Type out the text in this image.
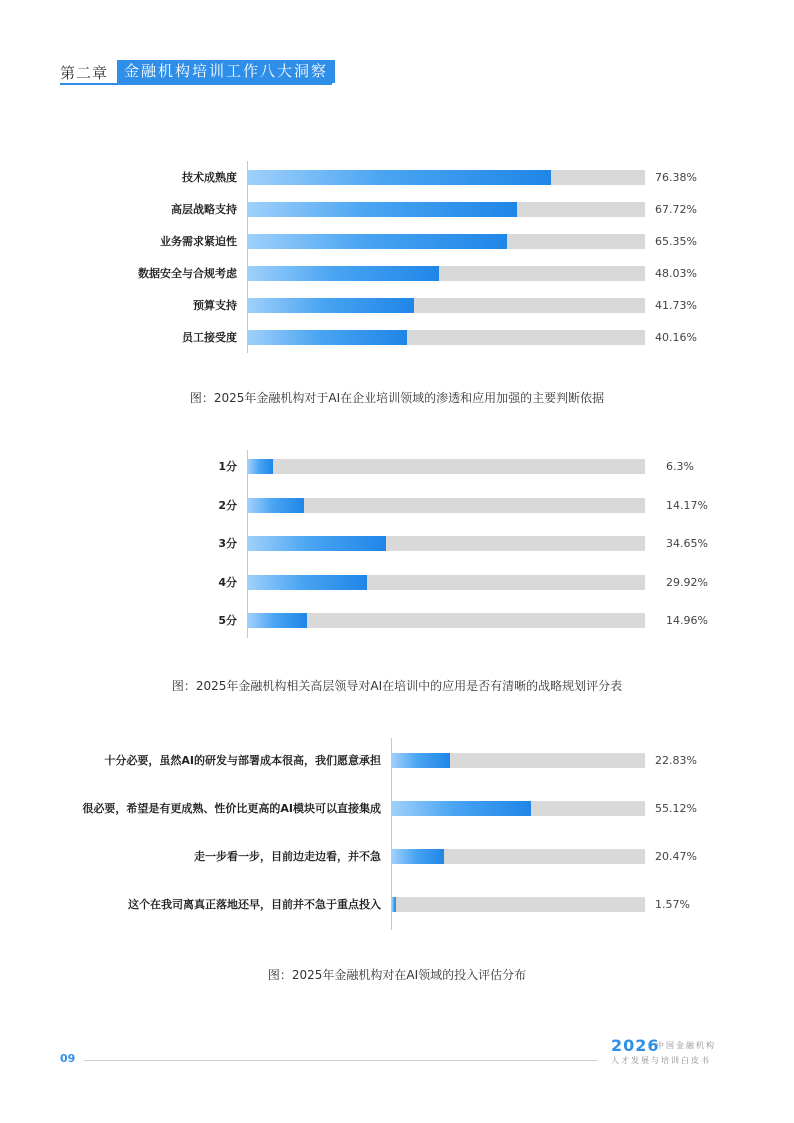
第二章	金融机构培训工作八大洞察
技术成熟度	76.38%
高层战略支持	67.72%
业务需求紧迫性	65.35%
数据安全与合规考虑	48.03%
预算支持	41.73%
员工接受度	40.16%
图：2025年金融机构对于AI在企业培训领域的渗透和应用加强的主要判断依据
1分	6.3%
2分	14.17%
3分	34.65%
4分	29.92%
5分	14.96%
图：2025年金融机构相关高层领导对AI在培训中的应用是否有清晰的战略规划评分表
十分必要，虽然AI的研发与部署成本很高，我们愿意承担	22.83%
很必要，希望是有更成熟、性价比更高的AI模块可以直接集成	55.12%
走一步看一步，目前边走边看，并不急	20.47%
这个在我司离真正落地还早，目前并不急于重点投入	1.57%
图：2025年金融机构对在AI领域的投入评估分布
09
2026
中国金融机构
人才发展与培训白皮书
